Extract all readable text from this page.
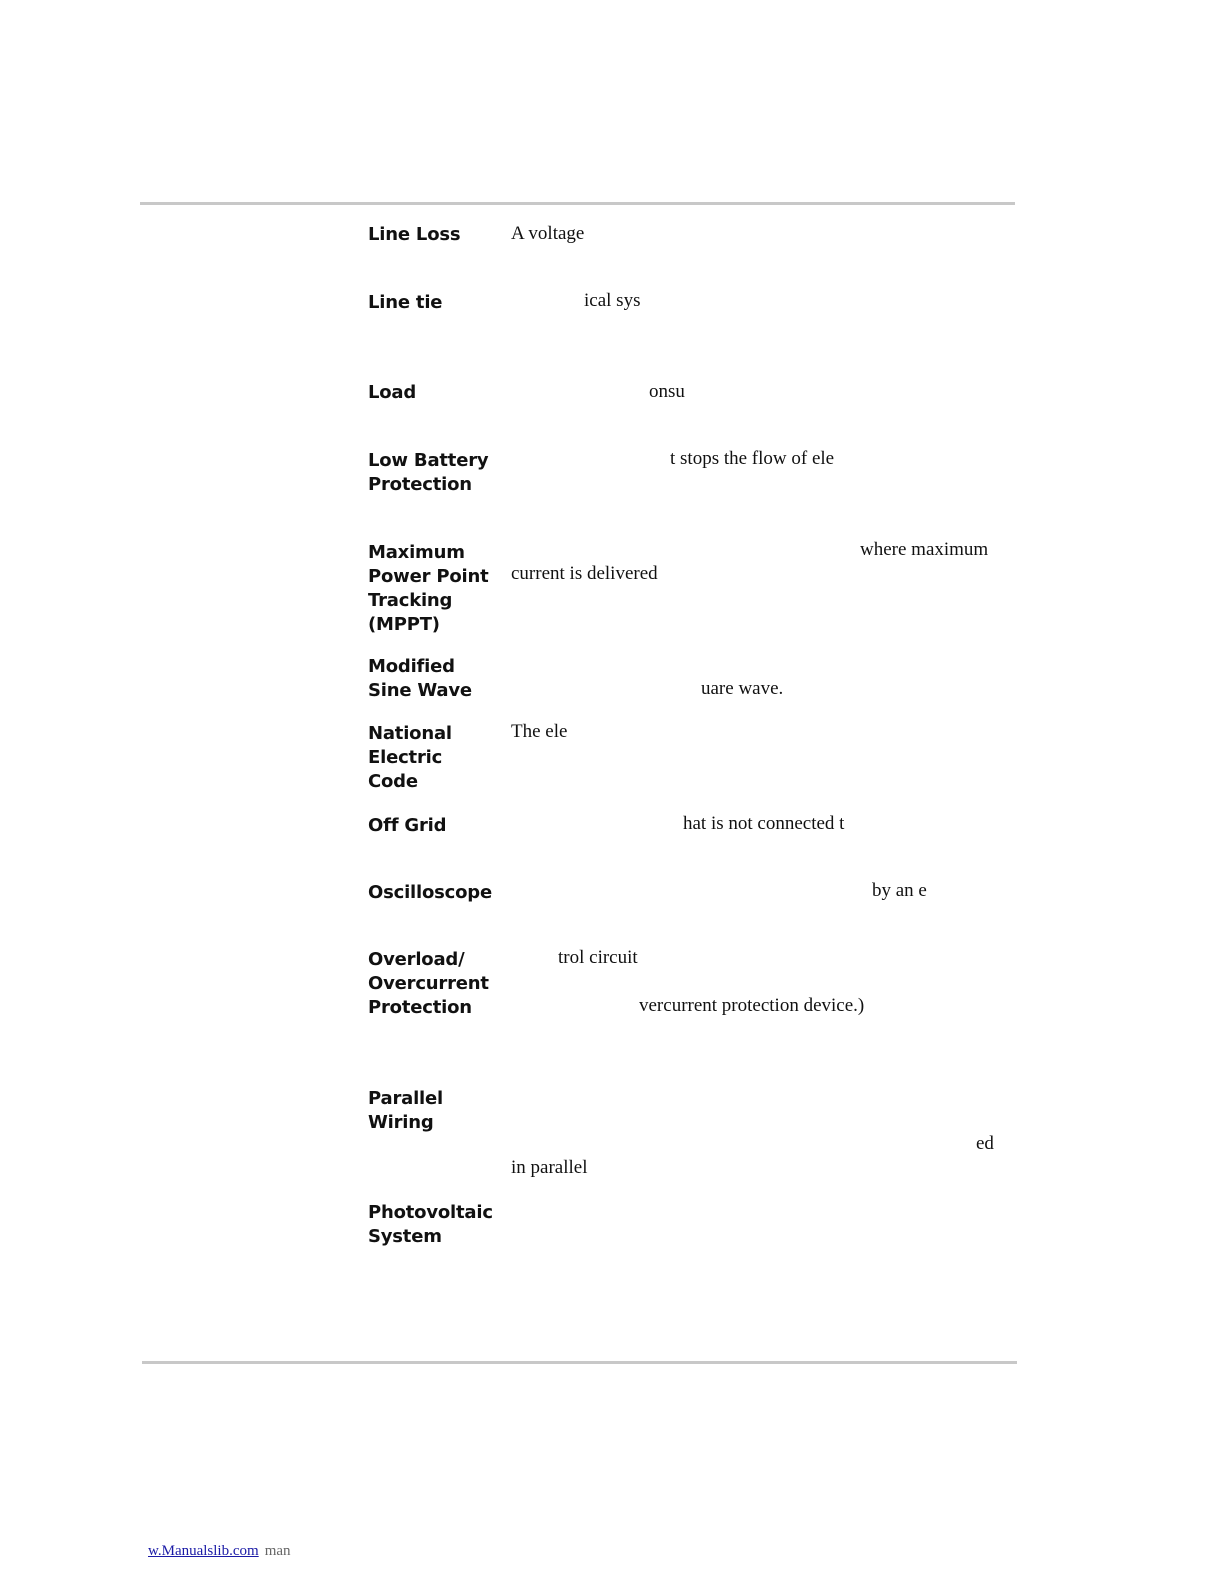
Line Loss
Line tie
Load
Low Battery
Protection
Maximum
Power Point
Tracking
(MPPT)
Modified
Sine Wave
National
Electric
Code
Off Grid
Oscilloscope
Overload/
Overcurrent
Protection
Parallel
Wiring
Photovoltaic
System
A voltage
ical sys
onsu
t stops the flow of ele
where maximum
current is delivered
uare wave.
The ele
hat is not connected t
by an e
trol circuit
vercurrent protection device.)
ed
in parallel
w.Manualslib.com man
